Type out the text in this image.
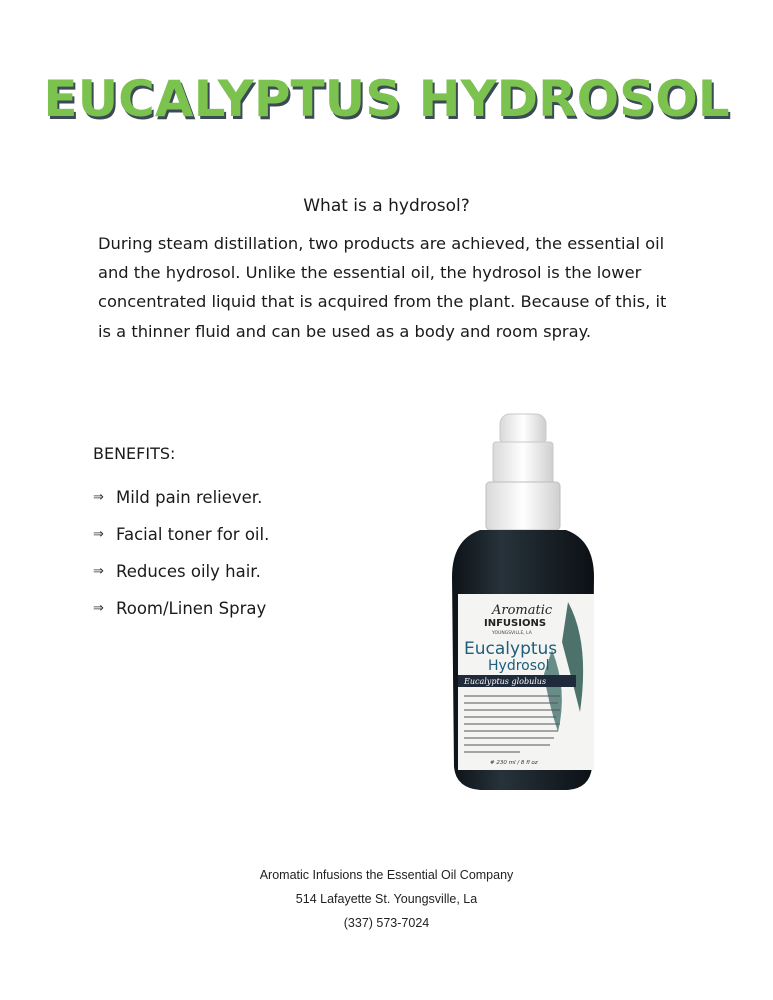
EUCALYPTUS HYDROSOL
What is a hydrosol?
During steam distillation, two products are achieved, the essential oil
and the hydrosol. Unlike the essential oil, the hydrosol is the lower
concentrated liquid that is acquired from the plant. Because of this, it
is a thinner fluid and can be used as a body and room spray.
BENEFITS:
⇒ Mild pain reliever.
⇒ Facial toner for oil.
⇒ Reduces oily hair.
⇒ Room/Linen Spray	Aromatic
INFUSIONS
YOUNGSVILLE, LA
Eucalyptus
Hydrosol
Eucalyptus globulus
# 230 ml / 8 fl oz
Aromatic Infusions the Essential Oil Company
514 Lafayette St. Youngsville, La
(337) 573-7024
